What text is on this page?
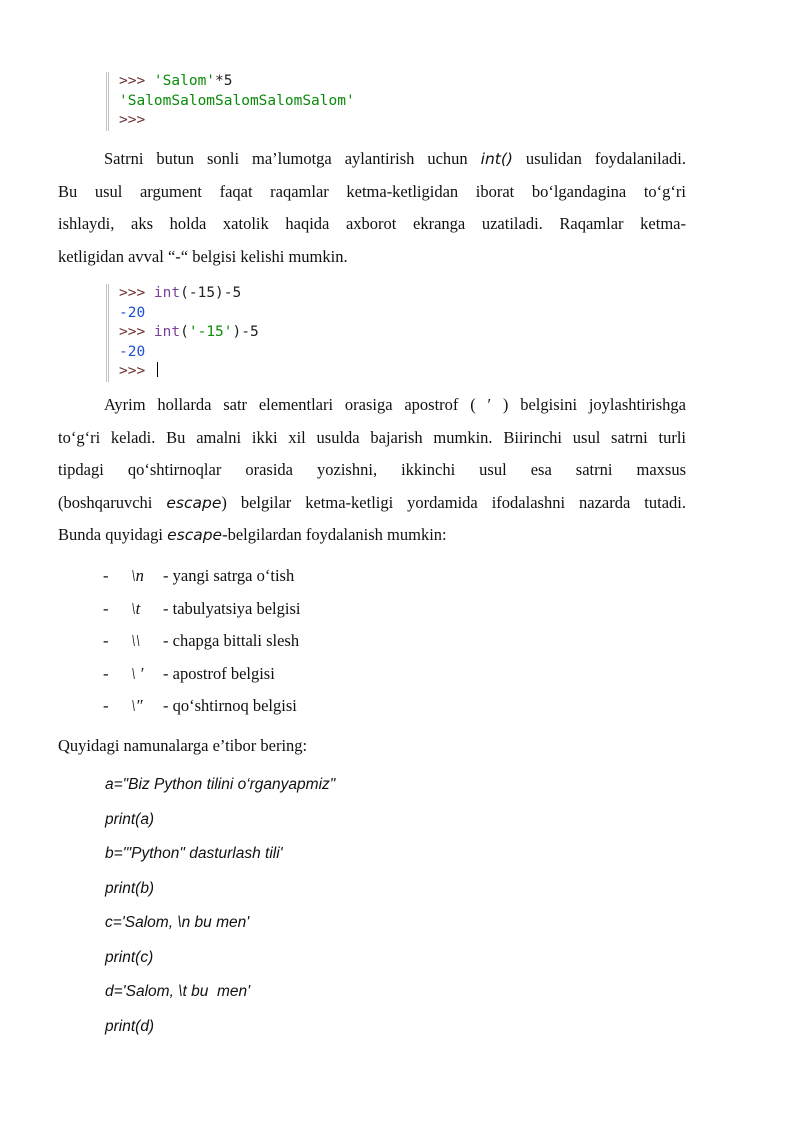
>>> 'Salom'*5
'SalomSalomSalomSalomSalom'
>>>
Satrni butun sonli ma’lumotga aylantirish uchun int() usulidan foydalaniladi.
Bu usul argument faqat raqamlar ketma-ketligidan iborat bo‘lgandagina to‘g‘ri
ishlaydi, aks holda xatolik haqida axborot ekranga uzatiladi. Raqamlar ketma-
ketligidan avval “-“ belgisi kelishi mumkin.
>>> int(-15)-5
-20
>>> int('-15')-5
-20
>>>
Ayrim hollarda satr elementlari orasiga apostrof ( ′ ) belgisini joylashtirishga
to‘g‘ri keladi. Bu amalni ikki xil usulda bajarish mumkin. Biirinchi usul satrni turli
tipdagi qo‘shtirnoqlar orasida yozishni, ikkinchi usul esa satrni maxsus
(boshqaruvchi escape) belgilar ketma-ketligi yordamida ifodalashni nazarda tutadi.
Bunda quyidagi escape-belgilardan foydalanish mumkin:
- \n - yangi satrga o‘tish
- \t - tabulyatsiya belgisi
- \\ - chapga bittali slesh
- \ ′ - apostrof belgisi
- \″ - qo‘shtirnoq belgisi
Quyidagi namunalarga e’tibor bering:
a="Biz Python tilini o‘rganyapmiz"
print(a)
b='"Python" dasturlash tili'
print(b)
c='Salom, \n bu men'
print(c)
d='Salom, \t bu  men'
print(d)
